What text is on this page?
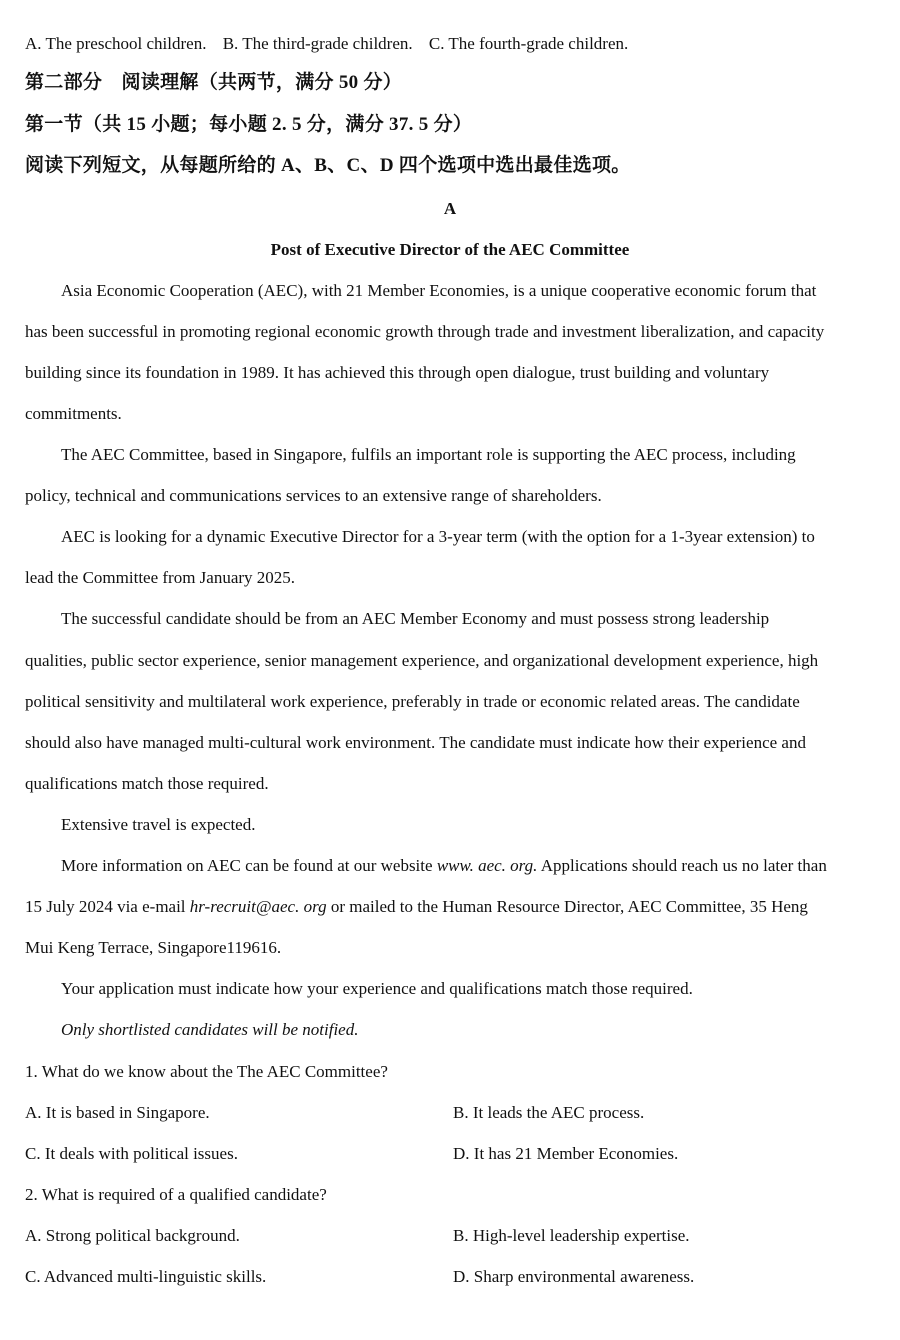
A. The preschool children. B. The third-grade children. C. The fourth-grade children.
第二部分　阅读理解（共两节，满分 50 分）
第一节（共 15 小题；每小题 2. 5 分，满分 37. 5 分）
阅读下列短文，从每题所给的 A、B、C、D 四个选项中选出最佳选项。
A
Post of Executive Director of the AEC Committee
Asia Economic Cooperation (AEC), with 21 Member Economies, is a unique cooperative economic forum that
has been successful in promoting regional economic growth through trade and investment liberalization, and capacity
building since its foundation in 1989. It has achieved this through open dialogue, trust building and voluntary
commitments.
The AEC Committee, based in Singapore, fulfils an important role is supporting the AEC process, including
policy, technical and communications services to an extensive range of shareholders.
AEC is looking for a dynamic Executive Director for a 3-year term (with the option for a 1-3year extension) to
lead the Committee from January 2025.
The successful candidate should be from an AEC Member Economy and must possess strong leadership
qualities, public sector experience, senior management experience, and organizational development experience, high
political sensitivity and multilateral work experience, preferably in trade or economic related areas. The candidate
should also have managed multi-cultural work environment. The candidate must indicate how their experience and
qualifications match those required.
Extensive travel is expected.
More information on AEC can be found at our website www. aec. org. Applications should reach us no later than
15 July 2024 via e-mail hr-recruit@aec. org or mailed to the Human Resource Director, AEC Committee, 35 Heng
Mui Keng Terrace, Singapore119616.
Your application must indicate how your experience and qualifications match those required.
Only shortlisted candidates will be notified.
1. What do we know about the The AEC Committee?
A. It is based in Singapore.	B. It leads the AEC process.
C. It deals with political issues.	D. It has 21 Member Economies.
2. What is required of a qualified candidate?
A. Strong political background.	B. High-level leadership expertise.
C. Advanced multi-linguistic skills.	D. Sharp environmental awareness.
